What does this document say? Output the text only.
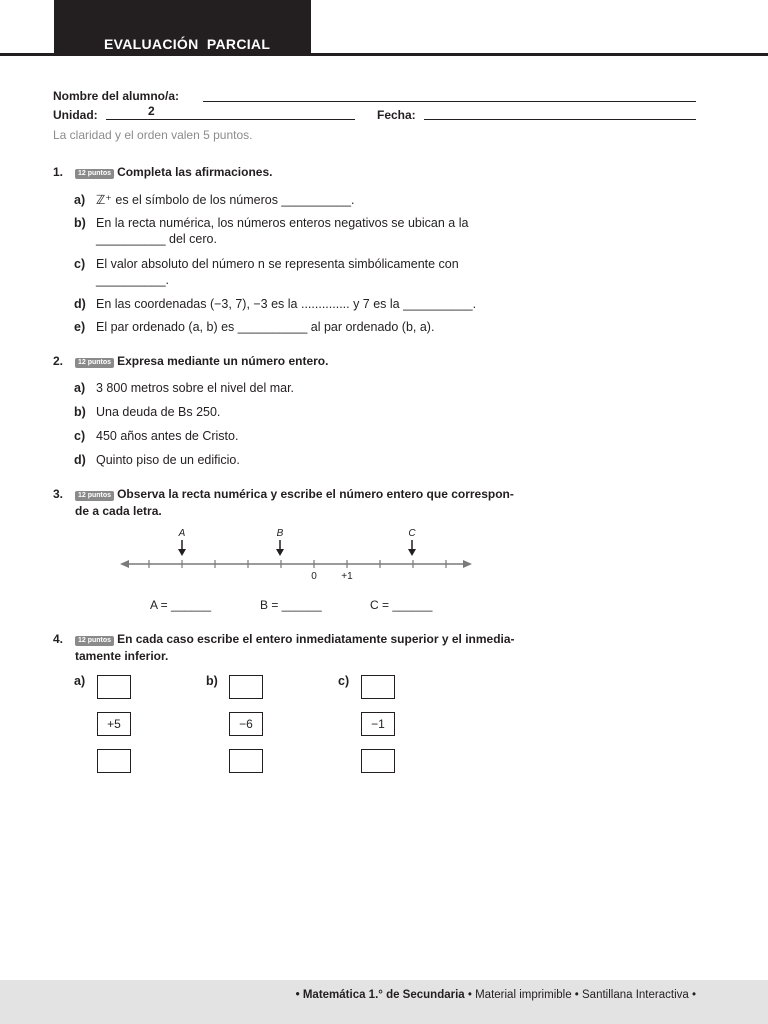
EVALUACIÓN  PARCIAL
Nombre del alumno/a:
Unidad:	2	Fecha:
La claridad y el orden valen 5 puntos.
1.	12 puntos Completa las afirmaciones.
a) ℤ⁺ es el símbolo de los números __________.
b) En la recta numérica, los números enteros negativos se ubican a la
__________ del cero.
c) El valor absoluto del número n se representa simbólicamente con
__________.
d) En las coordenadas (−3, 7), −3 es la .............. y 7 es la __________.
e) El par ordenado (a, b) es __________ al par ordenado (b, a).
2.	12 puntos Expresa mediante un número entero.
a) 3 800 metros sobre el nivel del mar.
b) Una deuda de Bs 250.
c) 450 años antes de Cristo.
d) Quinto piso de un edificio.
3.	12 puntos Observa la recta numérica y escribe el número entero que correspon-
de a cada letra.
A	B	C
0 +1
A = ______	B = ______	C = ______
4.	12 puntos En cada caso escribe el entero inmediatamente superior y el inmedia-
tamente inferior.
a)
+5
b)
−6
c)
−1
• Matemática 1.° de Secundaria • Material imprimible • Santillana Interactiva •
